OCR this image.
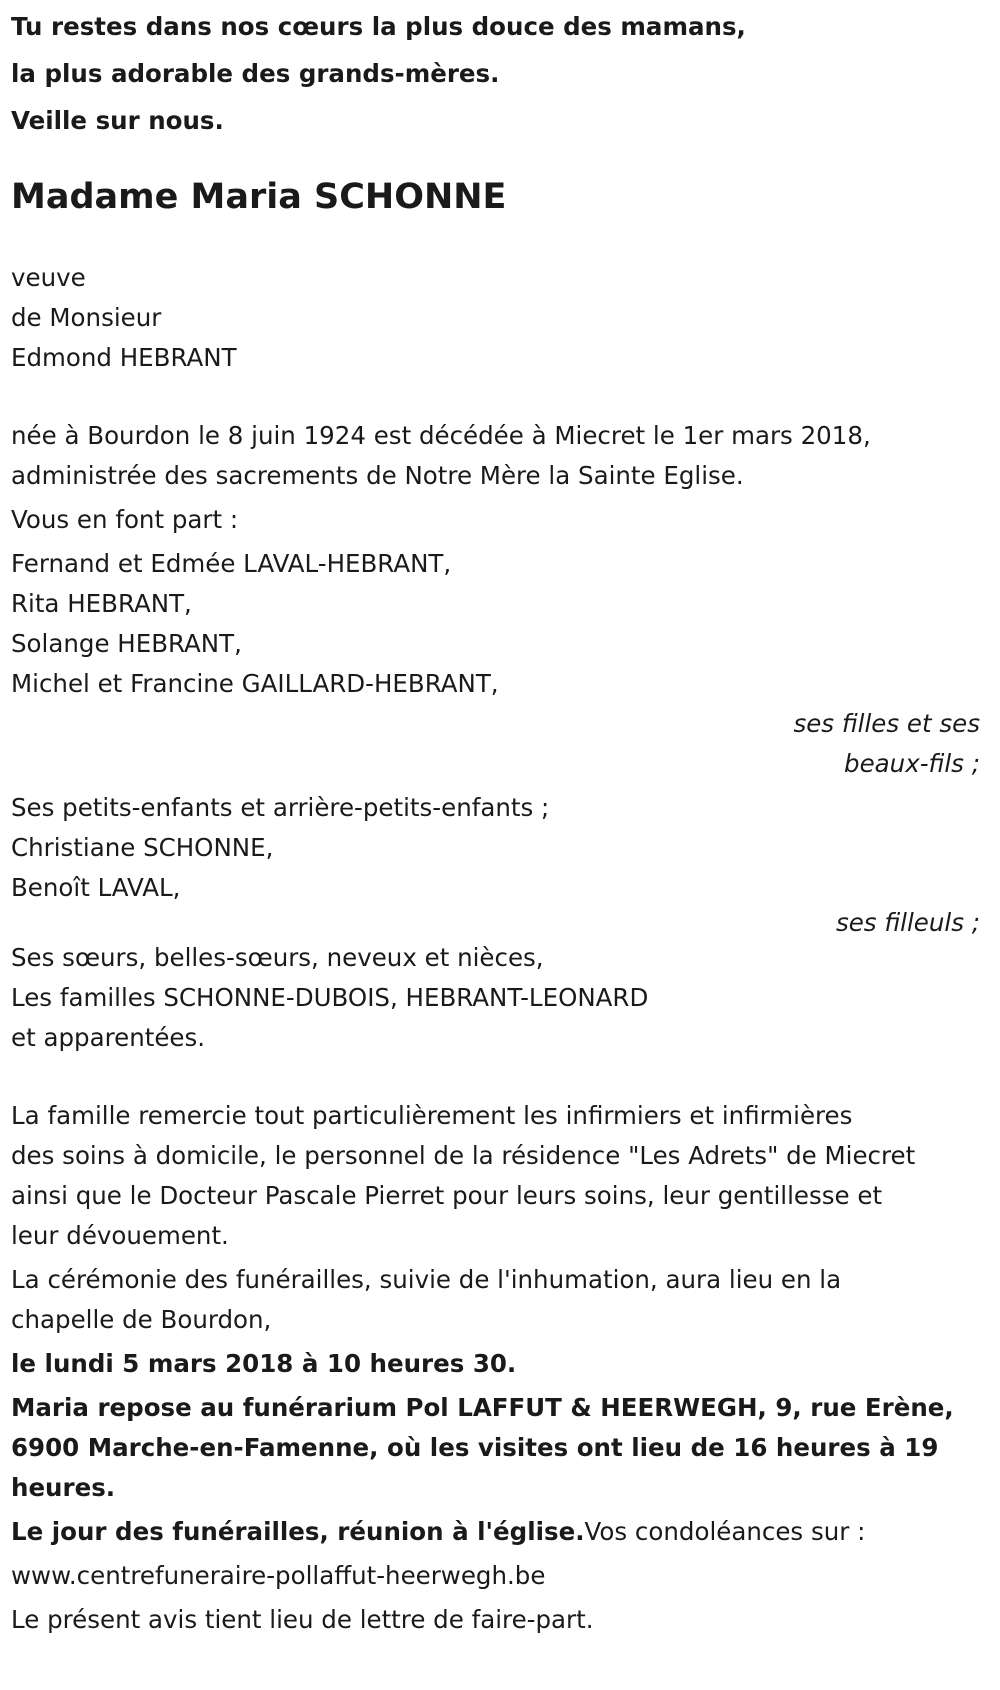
Tu restes dans nos cœurs la plus douce des mamans,
la plus adorable des grands-mères.
Veille sur nous.
Madame Maria SCHONNE
veuve
de Monsieur
Edmond HEBRANT
née à Bourdon le 8 juin 1924 est décédée à Miecret le 1er mars 2018,
administrée des sacrements de Notre Mère la Sainte Eglise.
Vous en font part :
Fernand et Edmée LAVAL-HEBRANT,
Rita HEBRANT,
Solange HEBRANT,
Michel et Francine GAILLARD-HEBRANT,
ses filles et ses
beaux-fils ;
Ses petits-enfants et arrière-petits-enfants ;
Christiane SCHONNE,
Benoît LAVAL,
ses filleuls ;
Ses sœurs, belles-sœurs, neveux et nièces,
Les familles SCHONNE-DUBOIS, HEBRANT-LEONARD
et apparentées.
La famille remercie tout particulièrement les infirmiers et infirmières
des soins à domicile, le personnel de la résidence "Les Adrets" de Miecret
ainsi que le Docteur Pascale Pierret pour leurs soins, leur gentillesse et
leur dévouement.
La cérémonie des funérailles, suivie de l'inhumation, aura lieu en la
chapelle de Bourdon,
le lundi 5 mars 2018 à 10 heures 30.
Maria repose au funérarium Pol LAFFUT & HEERWEGH, 9, rue Erène,
6900 Marche-en-Famenne, où les visites ont lieu de 16 heures à 19
heures.
Le jour des funérailles, réunion à l'église.Vos condoléances sur :
www.centrefuneraire-pollaffut-heerwegh.be
Le présent avis tient lieu de lettre de faire-part.
